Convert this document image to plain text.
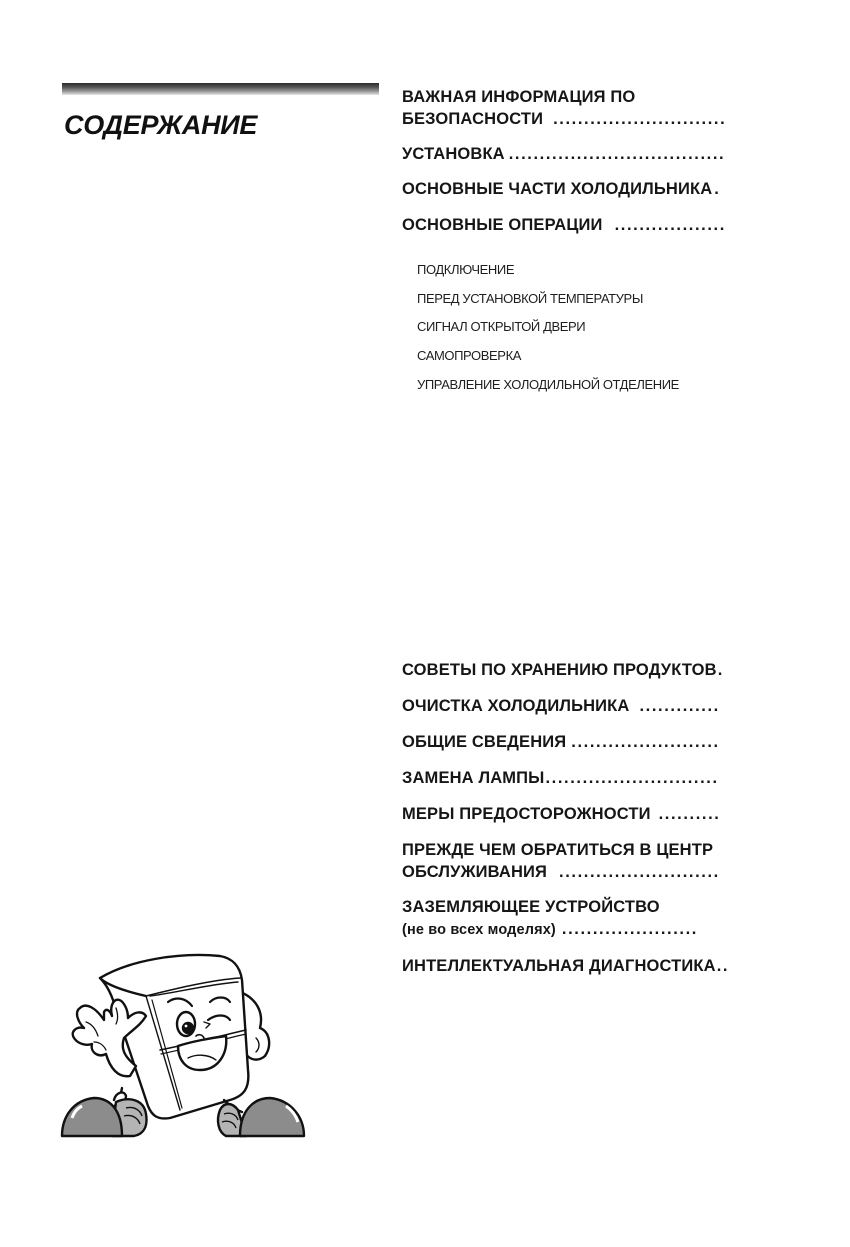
СОДЕРЖАНИЕ
ВАЖНАЯ ИНФОРМАЦИЯ ПО
БЕЗОПАСНОСТИ ............................
УСТАНОВКА ...................................
ОСНОВНЫЕ ЧАСТИ ХОЛОДИЛЬНИКА .
ОСНОВНЫЕ ОПЕРАЦИИ ..................
ПОДКЛЮЧЕНИЕ
ПЕРЕД УСТАНОВКОЙ ТЕМПЕРАТУРЫ
СИГНАЛ ОТКРЫТОЙ ДВЕРИ
САМОПРОВЕРКА
УПРАВЛЕНИЕ ХОЛОДИЛЬНОЙ ОТДЕЛЕНИЕ
СОВЕТЫ ПО ХРАНЕНИЮ ПРОДУКТОВ .
ОЧИСТКА ХОЛОДИЛЬНИКА .............
ОБЩИЕ СВЕДЕНИЯ ........................
ЗАМЕНА ЛАМПЫ ............................
МЕРЫ ПРЕДОСТОРОЖНОСТИ ..........
ПРЕЖДЕ ЧЕМ ОБРАТИТЬСЯ В ЦЕНТР
ОБСЛУЖИВАНИЯ ..........................
ЗАЗЕМЛЯЮЩЕЕ УСТРОЙСТВО
(не во всех моделях) ......................
ИНТЕЛЛЕКТУАЛЬНАЯ ДИАГНОСТИКА ..
